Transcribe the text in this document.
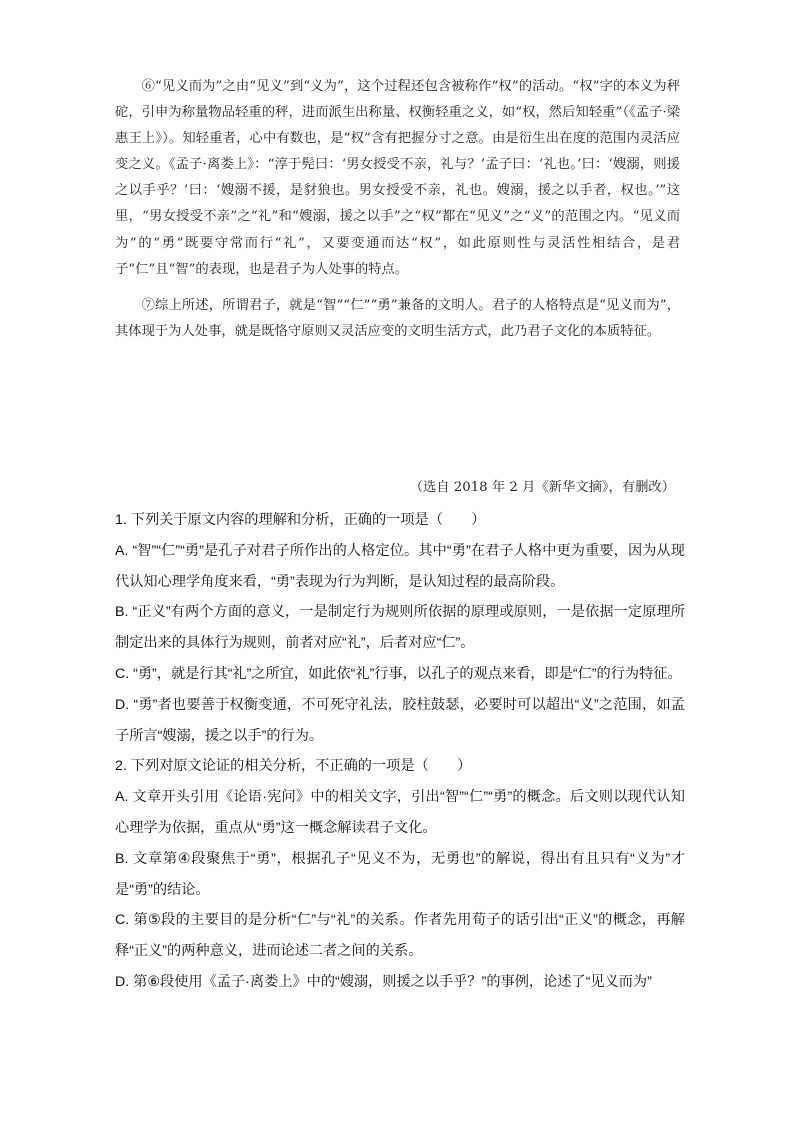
⑥“见义而为”之由“见义”到“义为”，这个过程还包含被称作“权”的活动。“权”字的本义为秤砣，引申为称量物品轻重的秤，进而派生出称量、权衡轻重之义，如“权，然后知轻重”（《孟子·梁惠王上》）。知轻重者，心中有数也，是“权”含有把握分寸之意。由是衍生出在度的范围内灵活应变之义。《孟子·离娄上》：“淳于髡曰：‘男女授受不亲，礼与？’孟子曰：‘礼也。’曰：‘嫂溺，则援之以手乎？’曰：‘嫂溺不援，是豺狼也。男女授受不亲，礼也。嫂溺，援之以手者，权也。’”这里，“男女授受不亲”之“礼”和“嫂溺，援之以手”之“权”都在“见义”之“义”的范围之内。“见义而为”的“勇”既要守常而行“礼”，又要变通而达“权”，如此原则性与灵活性相结合，是君子“仁”且“智”的表现，也是君子为人处事的特点。

⑦综上所述，所谓君子，就是“智”“仁”“勇”兼备的文明人。君子的人格特点是“见义而为”，其体现于为人处事，就是既恪守原则又灵活应变的文明生活方式，此乃君子文化的本质特征。

（选自 2018 年 2 月《新华文摘》，有删改）

1. 下列关于原文内容的理解和分析，正确的一项是（　　）

A. “智”“仁”“勇”是孔子对君子所作出的人格定位。其中“勇”在君子人格中更为重要，因为从现代认知心理学角度来看，“勇”表现为行为判断，是认知过程的最高阶段。

B. “正义”有两个方面的意义，一是制定行为规则所依据的原理或原则，一是依据一定原理所制定出来的具体行为规则，前者对应“礼”，后者对应“仁”。

C. “勇”，就是行其“礼”之所宜，如此依“礼”行事，以孔子的观点来看，即是“仁”的行为特征。

D. “勇”者也要善于权衡变通，不可死守礼法，胶柱鼓瑟，必要时可以超出“义”之范围，如孟子所言“嫂溺，援之以手”的行为。

2. 下列对原文论证的相关分析，不正确的一项是（　　）

A. 文章开头引用《论语·宪问》中的相关文字，引出“智”“仁”“勇”的概念。后文则以现代认知心理学为依据，重点从“勇”这一概念解读君子文化。

B. 文章第④段聚焦于“勇”，根据孔子“见义不为，无勇也”的解说，得出有且只有“义为”才是“勇”的结论。

C. 第⑤段的主要目的是分析“仁”与“礼”的关系。作者先用荀子的话引出“正义”的概念，再解释“正义”的两种意义，进而论述二者之间的关系。

D. 第⑥段使用《孟子·离娄上》中的“嫂溺，则援之以手乎？”的事例，论述了“见义而为”
